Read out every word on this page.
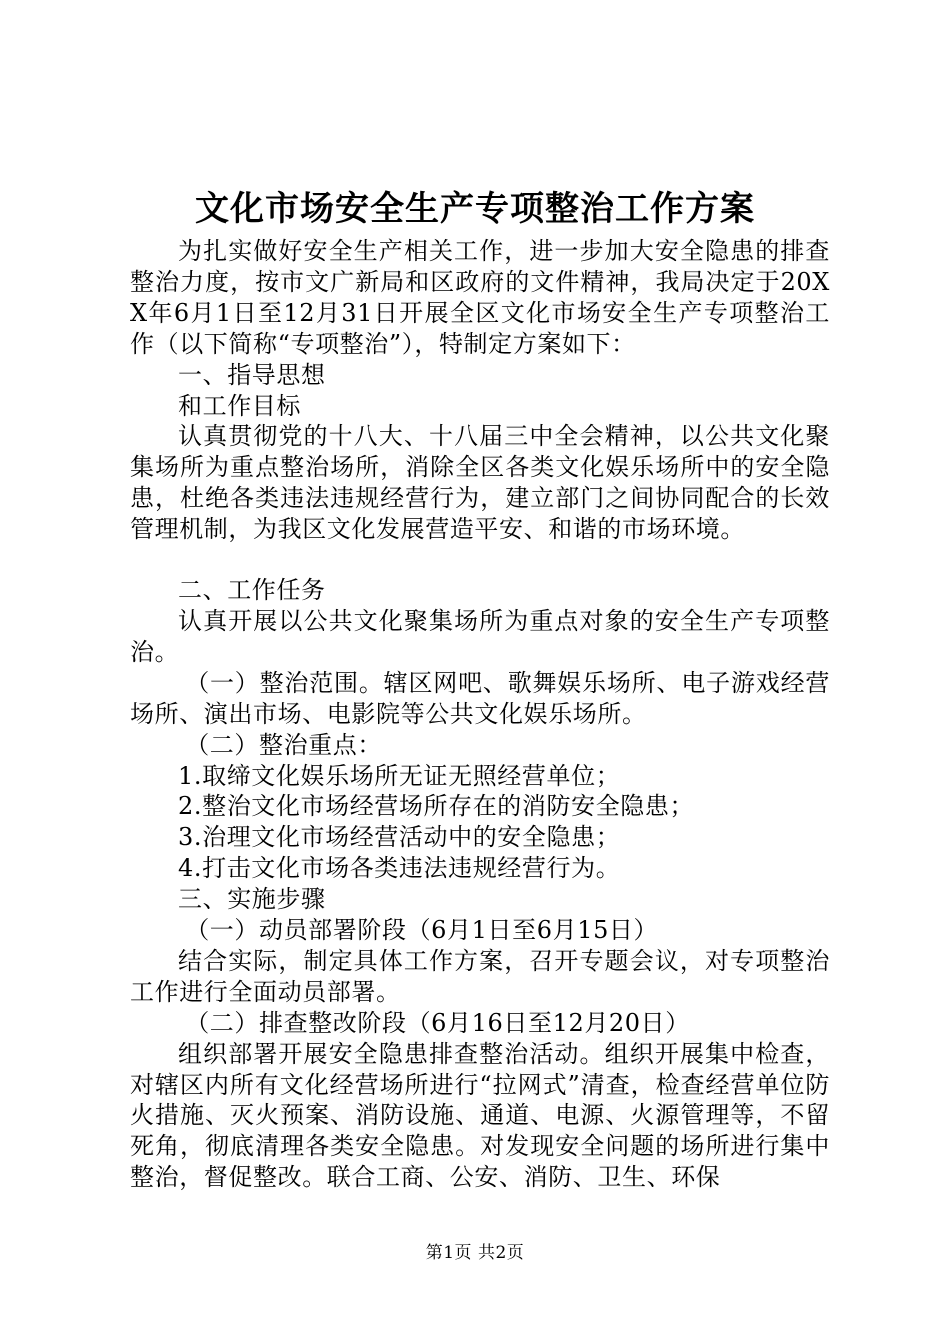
文化市场安全生产专项整治工作方案

为扎实做好安全生产相关工作，进一步加大安全隐患的排查整治力度，按市文广新局和区政府的文件精神，我局决定于20XX年6月1日至12月31日开展全区文化市场安全生产专项整治工作（以下简称“专项整治”），特制定方案如下：

一、指导思想

和工作目标

认真贯彻党的十八大、十八届三中全会精神，以公共文化聚集场所为重点整治场所，消除全区各类文化娱乐场所中的安全隐患，杜绝各类违法违规经营行为，建立部门之间协同配合的长效管理机制，为我区文化发展营造平安、和谐的市场环境。

二、工作任务

认真开展以公共文化聚集场所为重点对象的安全生产专项整治。

（一）整治范围。辖区网吧、歌舞娱乐场所、电子游戏经营场所、演出市场、电影院等公共文化娱乐场所。

（二）整治重点：

1.取缔文化娱乐场所无证无照经营单位；

2.整治文化市场经营场所存在的消防安全隐患；

3.治理文化市场经营活动中的安全隐患；

4.打击文化市场各类违法违规经营行为。

三、实施步骤

（一）动员部署阶段（6月1日至6月15日）

结合实际，制定具体工作方案，召开专题会议，对专项整治工作进行全面动员部署。

（二）排查整改阶段（6月16日至12月20日）

组织部署开展安全隐患排查整治活动。组织开展集中检查，对辖区内所有文化经营场所进行“拉网式”清查，检查经营单位防火措施、灭火预案、消防设施、通道、电源、火源管理等，不留死角，彻底清理各类安全隐患。对发现安全问题的场所进行集中整治，督促整改。联合工商、公安、消防、卫生、环保

第1页 共2页
